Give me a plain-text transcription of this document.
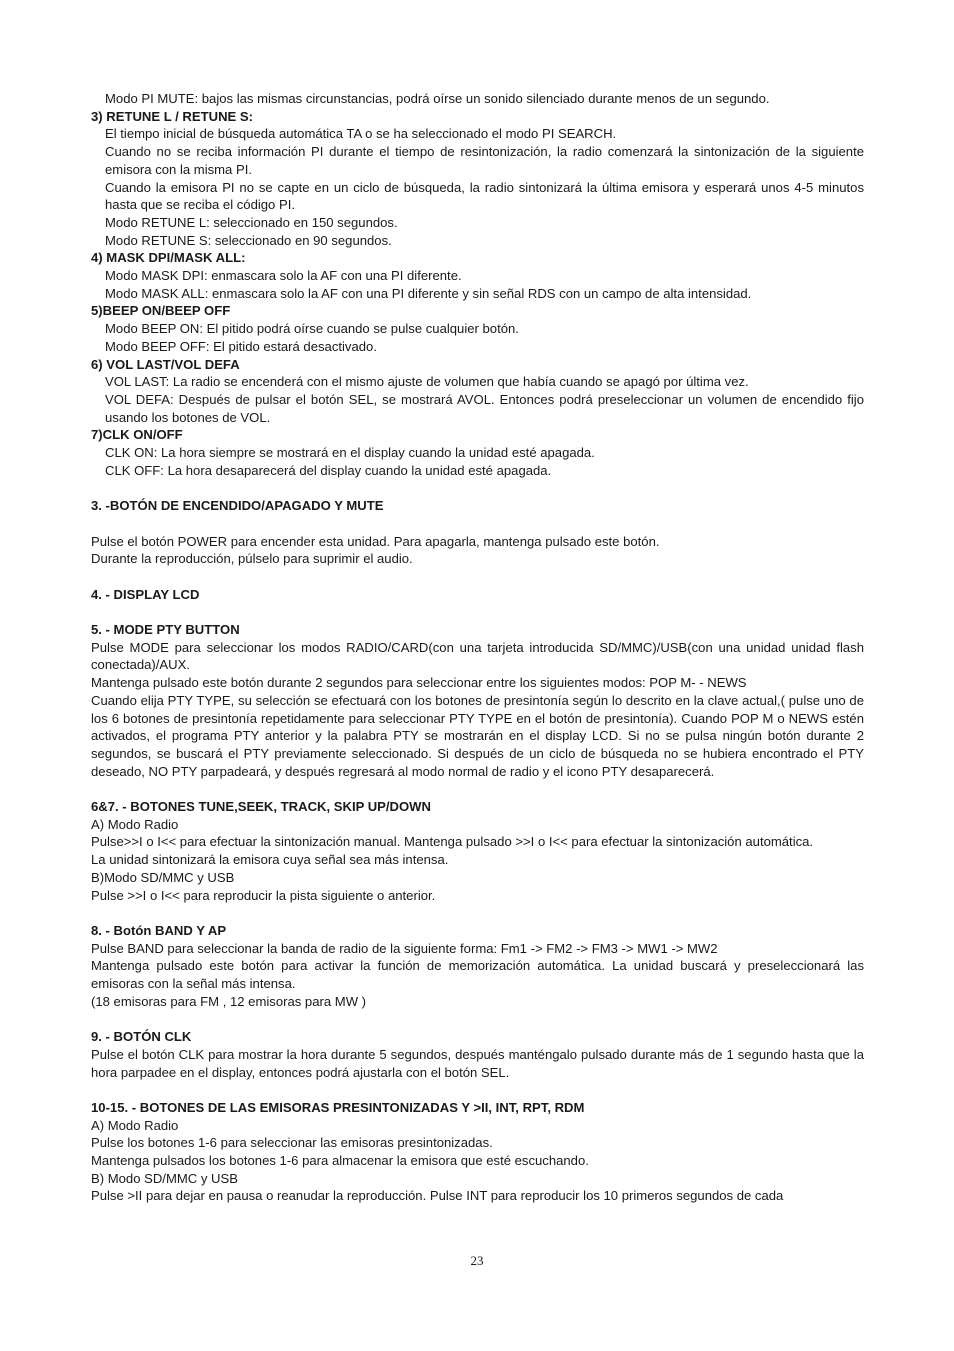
Modo PI MUTE: bajos las mismas circunstancias, podrá oírse un sonido silenciado durante menos de un segundo.

3) RETUNE L / RETUNE S:

El tiempo inicial de búsqueda automática TA o se ha seleccionado el modo PI SEARCH.

Cuando no se reciba información PI durante el tiempo de resintonización, la radio comenzará la sintonización de la siguiente emisora con la misma PI.

Cuando la emisora PI no se capte en un ciclo de búsqueda, la radio sintonizará la última emisora y esperará unos 4-5 minutos hasta que se reciba el código PI.

Modo RETUNE L: seleccionado en 150 segundos.

Modo RETUNE S: seleccionado en 90 segundos.

4) MASK DPI/MASK ALL:

Modo MASK DPI: enmascara solo la AF con una PI diferente.

Modo MASK ALL: enmascara solo la AF con una PI diferente y sin señal RDS con un campo de alta intensidad.

5)BEEP ON/BEEP OFF

Modo BEEP ON: El pitido podrá oírse cuando se pulse cualquier botón.

Modo BEEP OFF: El pitido estará desactivado.

6) VOL LAST/VOL DEFA

VOL LAST: La radio se encenderá con el mismo ajuste de volumen que había cuando se apagó por última vez.

VOL DEFA: Después de pulsar el botón SEL, se mostrará AVOL. Entonces podrá preseleccionar un volumen de encendido fijo usando los botones de VOL.

7)CLK ON/OFF

CLK ON: La hora siempre se mostrará en el display cuando la unidad esté apagada.

CLK OFF: La hora desaparecerá del display cuando la unidad esté apagada.

3. -BOTÓN DE ENCENDIDO/APAGADO Y MUTE

Pulse el botón POWER para encender esta unidad. Para apagarla, mantenga pulsado este botón.

Durante la reproducción, púlselo para suprimir el audio.

4. - DISPLAY LCD

5. - MODE PTY BUTTON

Pulse MODE para seleccionar los modos RADIO/CARD(con una tarjeta introducida SD/MMC)/USB(con una unidad unidad flash conectada)/AUX.

Mantenga pulsado este botón durante 2 segundos para seleccionar entre los siguientes modos: POP M- - NEWS

Cuando elija PTY TYPE, su selección se efectuará con los botones de presintonía según lo descrito en la clave actual,( pulse uno de los 6 botones de presintonía repetidamente para seleccionar PTY TYPE en el botón de presintonía). Cuando POP M o NEWS estén activados, el programa PTY anterior y la palabra PTY se mostrarán en el display LCD. Si no se pulsa ningún botón durante 2 segundos, se buscará el PTY previamente seleccionado. Si después de un ciclo de búsqueda no se hubiera encontrado el PTY deseado, NO PTY parpadeará, y después regresará al modo normal de radio y el icono PTY desaparecerá.

6&7. - BOTONES TUNE,SEEK, TRACK, SKIP UP/DOWN

A) Modo Radio

Pulse>>I o I<< para efectuar la sintonización manual. Mantenga pulsado >>I o I<< para efectuar la sintonización automática.

La unidad sintonizará la emisora cuya señal sea más intensa.

B)Modo SD/MMC y USB

Pulse >>I o I<< para reproducir la pista siguiente o anterior.

8. - Botón BAND Y AP

Pulse BAND para seleccionar la banda de radio de la siguiente forma: Fm1 -> FM2 -> FM3 -> MW1 -> MW2

Mantenga pulsado este botón para activar la función de memorización automática. La unidad buscará y preseleccionará las emisoras con la señal más intensa.

(18 emisoras para FM , 12 emisoras para MW )

9. - BOTÓN CLK

Pulse el botón CLK para mostrar la hora durante 5 segundos, después manténgalo pulsado durante más de 1 segundo hasta que la hora parpadee en el display, entonces podrá ajustarla con el botón SEL.

10-15. - BOTONES DE LAS EMISORAS PRESINTONIZADAS Y >II, INT, RPT, RDM

A) Modo Radio

Pulse los botones 1-6 para seleccionar las emisoras presintonizadas.

Mantenga pulsados los botones 1-6 para almacenar la emisora que esté escuchando.

B) Modo SD/MMC y USB

Pulse >II para dejar en pausa o reanudar la reproducción. Pulse INT para reproducir los 10 primeros segundos de cada

23
